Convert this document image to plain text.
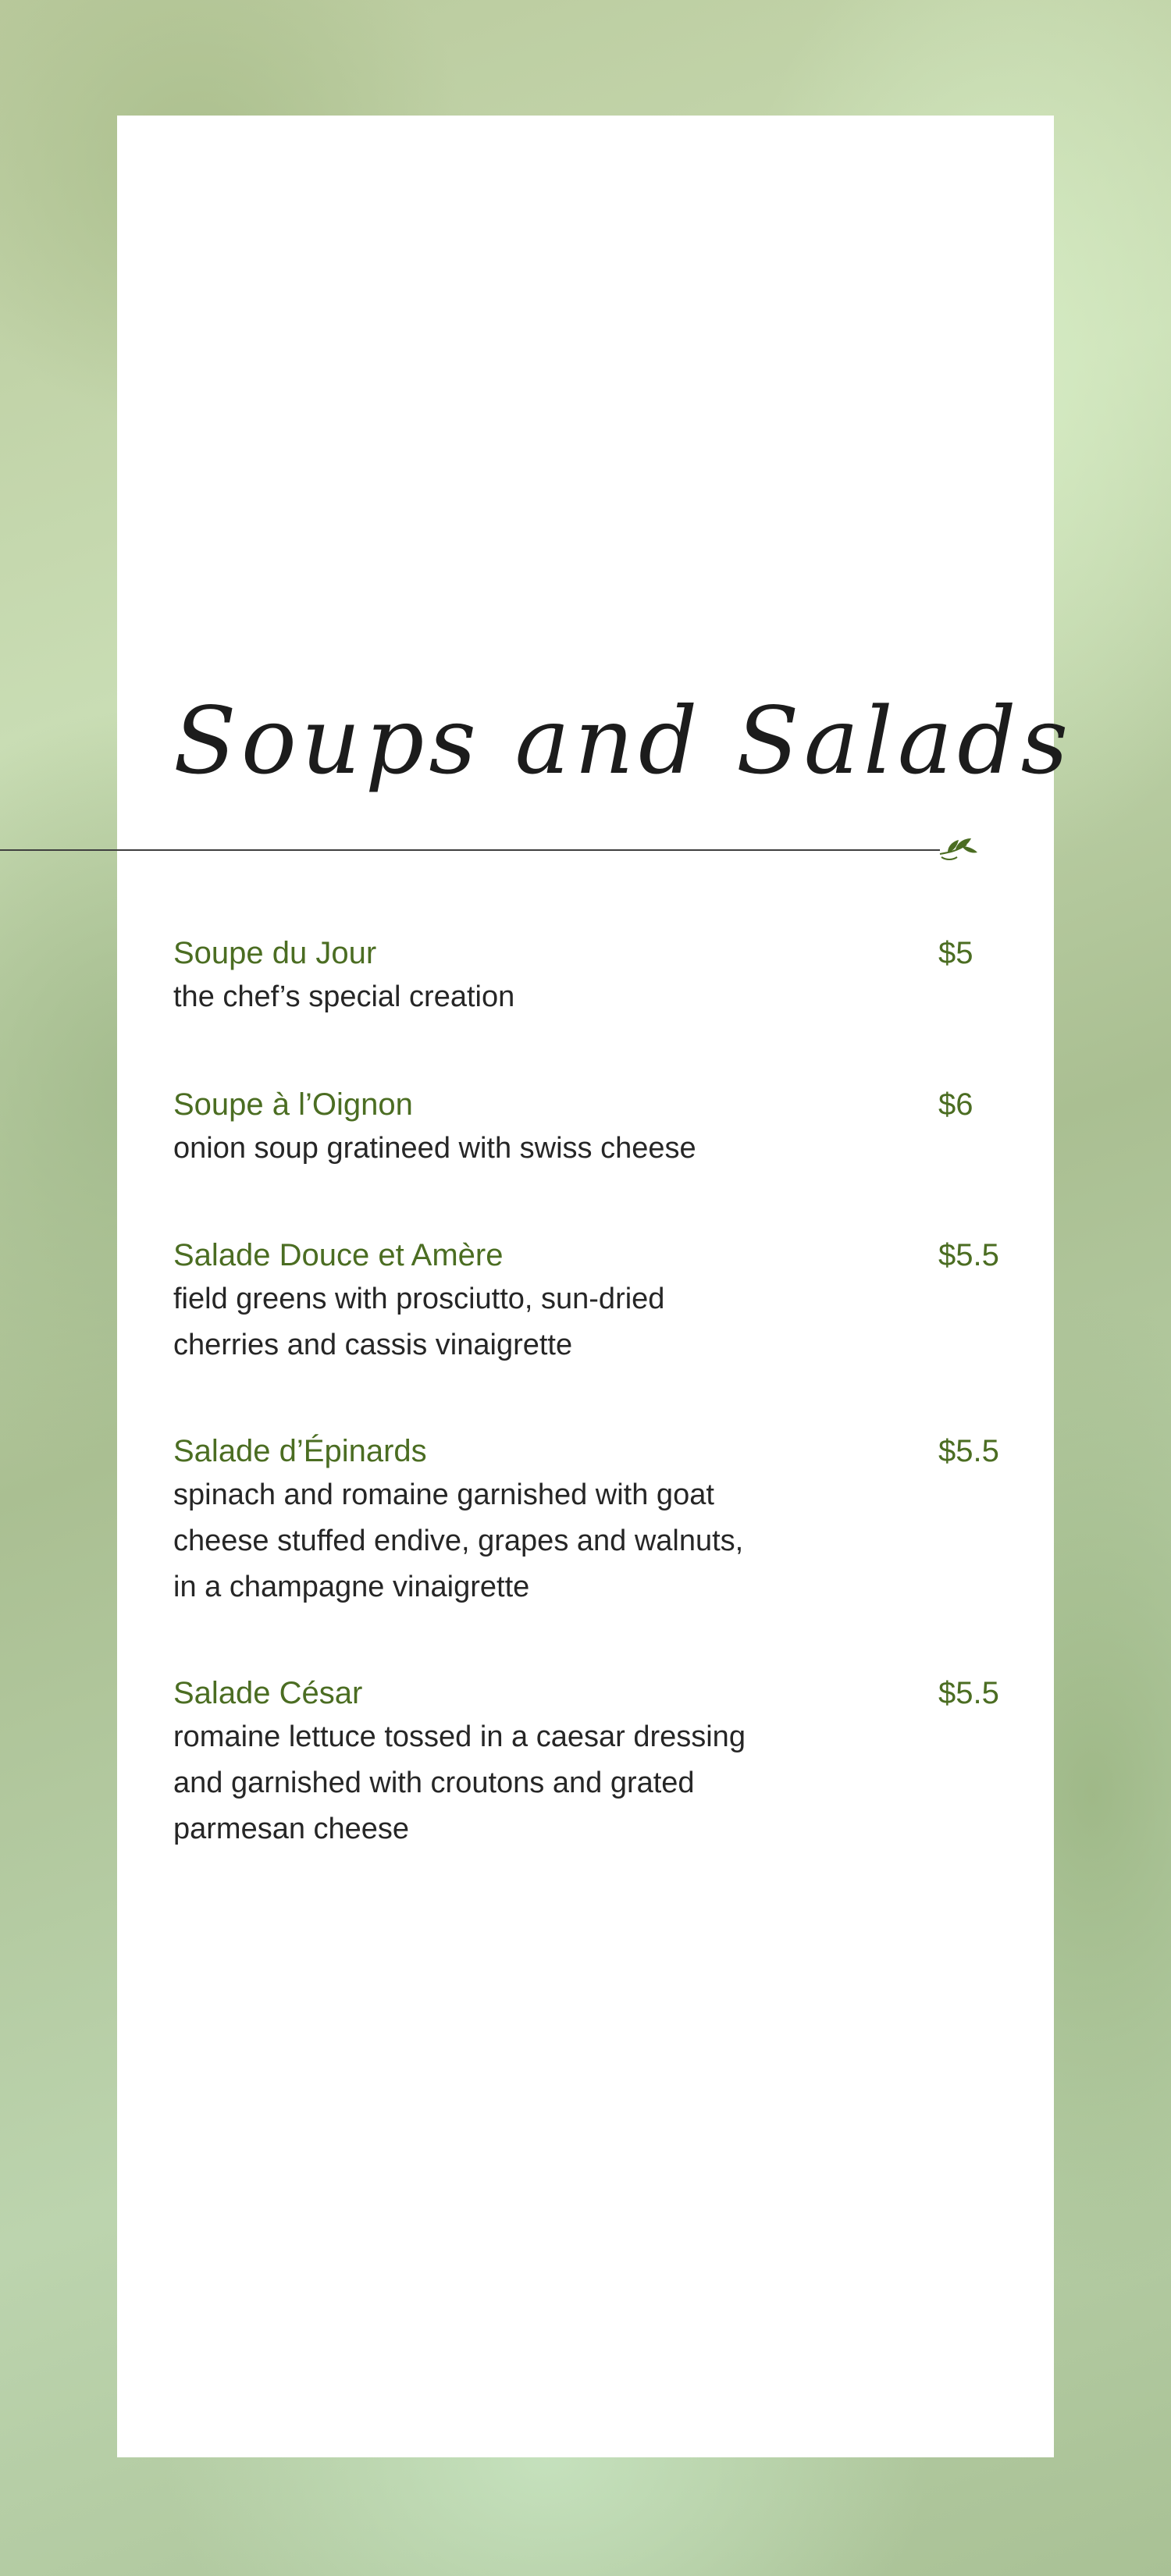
Soups and Salads
Soupe du Jour	$5
the chef’s special creation
Soupe à l’Oignon	$6
onion soup gratineed with swiss cheese
Salade Douce et Amère	$5.5
field greens with prosciutto, sun-dried
cherries and cassis vinaigrette
Salade d’Épinards	$5.5
spinach and romaine garnished with goat
cheese stuffed endive, grapes and walnuts,
in a champagne vinaigrette
Salade César	$5.5
romaine lettuce tossed in a caesar dressing
and garnished with croutons and grated
parmesan cheese
